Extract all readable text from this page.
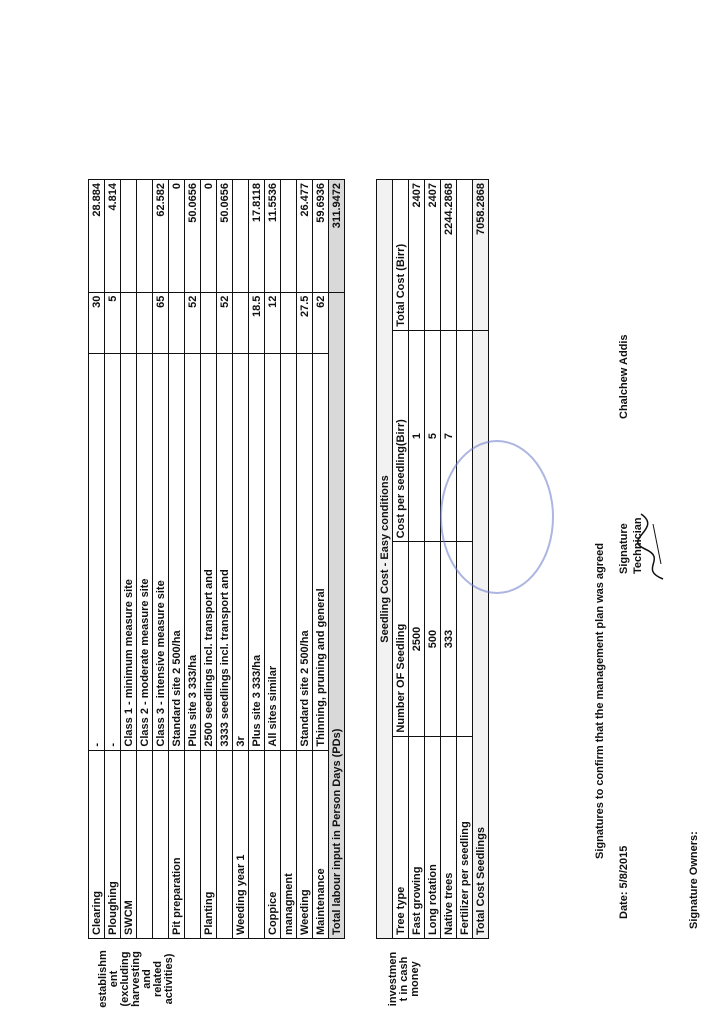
establishm ent (excluding harvesting and related activities)
Clearing	-	30	28.884
Ploughing	-	5	4.814
SWCM	Class 1 - minimum measure site		
	Class 2 - moderate measure site		
	Class 3 - intensive measure site	65	62.582
Pit preparation	Standard site 2 500/ha		0
	Plus site 3 333/ha	52	50.0656
Planting	2500 seedlings incl. transport and		0
	3333 seedlings incl. transport and	52	50.0656
Weeding year 1	3r		
	Plus site 3 333/ha	18.5	17.8118
Coppice	All sites similar	12	11.5536
managment			
Weeding	Standard site 2 500/ha	27.5	26.477
Maintenance	Thinning, pruning and general	62	59.6936
Total labour input in Person Days (PDs)			311.9472
investmen t in cash money
Seedling Cost - Easy conditions			
Tree type	Number OF Seedling	Cost per seedling(Birr)	Total Cost (Birr)
Fast growing	2500	1	2407
Long rotation	500	5	2407
Native trees	333	7	2244.2868
Fertilizer per seedling			
Total Cost Seedlings			7058.2868
Signatures to confirm that the management plan was agreed
Date: 5/8/2015
Signature Technician
Chalchew Addis
Signature Owners:
